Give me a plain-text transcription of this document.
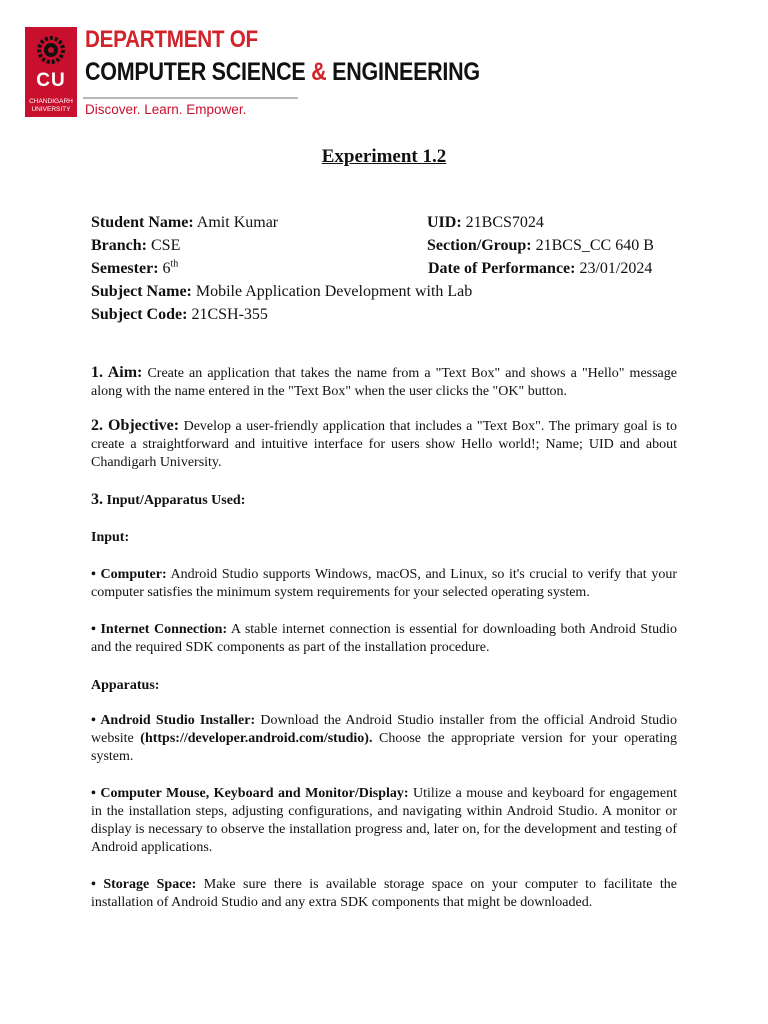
CU
CHANDIGARH UNIVERSITY
DEPARTMENT OF
COMPUTER SCIENCE & ENGINEERING
Discover. Learn. Empower.
Experiment 1.2
Student Name: Amit Kumar	UID: 21BCS7024
Branch: CSE	Section/Group: 21BCS_CC 640 B
Semester: 6th	Date of Performance: 23/01/2024
Subject Name: Mobile Application Development with Lab
Subject Code: 21CSH-355

1. Aim: Create an application that takes the name from a "Text Box" and shows a "Hello" message along with the name entered in the "Text Box" when the user clicks the "OK" button.

2. Objective: Develop a user-friendly application that includes a "Text Box". The primary goal is to create a straightforward and intuitive interface for users show Hello world!; Name; UID and about Chandigarh University.

3. Input/Apparatus Used:

Input:

• Computer: Android Studio supports Windows, macOS, and Linux, so it's crucial to verify that your computer satisfies the minimum system requirements for your selected operating system.

• Internet Connection: A stable internet connection is essential for downloading both Android Studio and the required SDK components as part of the installation procedure.

Apparatus:

• Android Studio Installer: Download the Android Studio installer from the official Android Studio website (https://developer.android.com/studio). Choose the appropriate version for your operating system.

• Computer Mouse, Keyboard and Monitor/Display: Utilize a mouse and keyboard for engagement in the installation steps, adjusting configurations, and navigating within Android Studio. A monitor or display is necessary to observe the installation progress and, later on, for the development and testing of Android applications.

• Storage Space: Make sure there is available storage space on your computer to facilitate the installation of Android Studio and any extra SDK components that might be downloaded.
